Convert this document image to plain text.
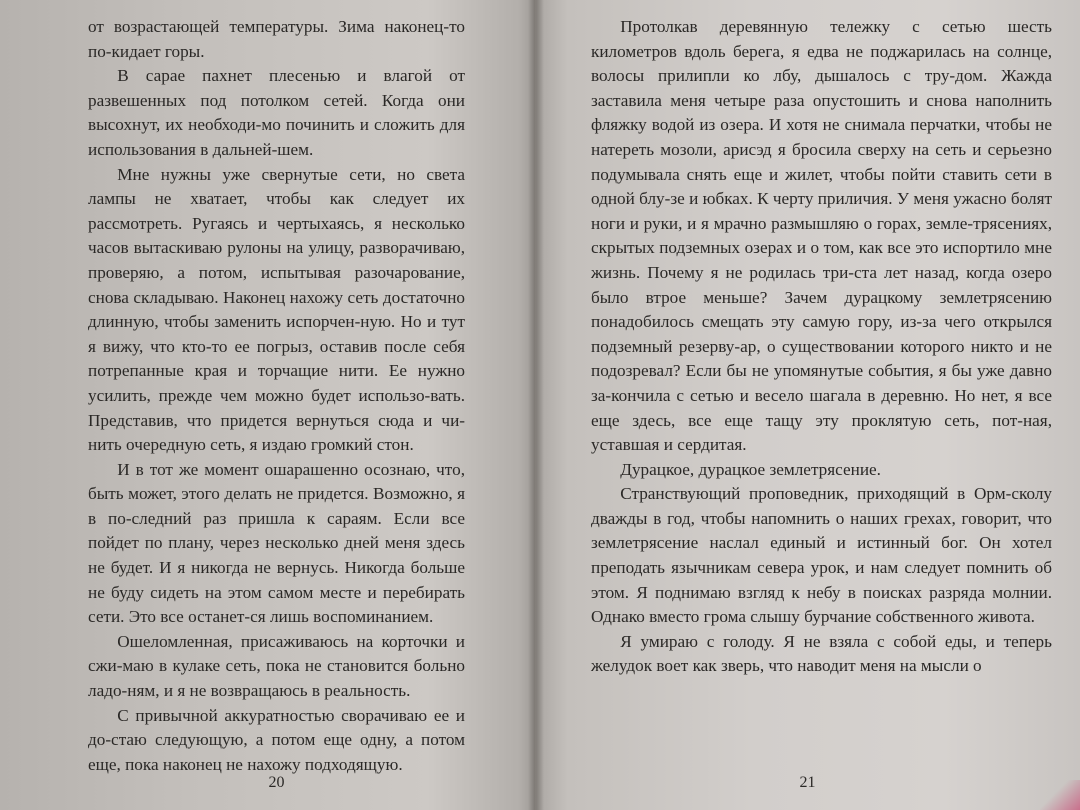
от возрастающей температуры. Зима наконец-то по-кидает горы.

В сарае пахнет плесенью и влагой от развешенных под потолком сетей. Когда они высохнут, их необходи-мо починить и сложить для использования в дальней-шем.

Мне нужны уже свернутые сети, но света лампы не хватает, чтобы как следует их рассмотреть. Ругаясь и чертыхаясь, я несколько часов вытаскиваю рулоны на улицу, разворачиваю, проверяю, а потом, испытывая разочарование, снова складываю. Наконец нахожу сеть достаточно длинную, чтобы заменить испорчен-ную. Но и тут я вижу, что кто-то ее погрыз, оставив после себя потрепанные края и торчащие нити. Ее нужно усилить, прежде чем можно будет использо-вать. Представив, что придется вернуться сюда и чи-нить очередную сеть, я издаю громкий стон.

И в тот же момент ошарашенно осознаю, что, быть может, этого делать не придется. Возможно, я в по-следний раз пришла к сараям. Если все пойдет по плану, через несколько дней меня здесь не будет. И я никогда не вернусь. Никогда больше не буду сидеть на этом самом месте и перебирать сети. Это все останет-ся лишь воспоминанием.

Ошеломленная, присаживаюсь на корточки и сжи-маю в кулаке сеть, пока не становится больно ладо-ням, и я не возвращаюсь в реальность.

С привычной аккуратностью сворачиваю ее и до-стаю следующую, а потом еще одну, а потом еще, пока наконец не нахожу подходящую.

20

Протолкав деревянную тележку с сетью шесть километров вдоль берега, я едва не поджарилась на солнце, волосы прилипли ко лбу, дышалось с тру-дом. Жажда заставила меня четыре раза опустошить и снова наполнить фляжку водой из озера. И хотя не снимала перчатки, чтобы не натереть мозоли, арисэд я бросила сверху на сеть и серьезно подумывала снять еще и жилет, чтобы пойти ставить сети в одной блу-зе и юбках. К черту приличия. У меня ужасно болят ноги и руки, и я мрачно размышляю о горах, земле-трясениях, скрытых подземных озерах и о том, как все это испортило мне жизнь. Почему я не родилась три-ста лет назад, когда озеро было втрое меньше? Зачем дурацкому землетрясению понадобилось смещать эту самую гору, из-за чего открылся подземный резерву-ар, о существовании которого никто и не подозревал? Если бы не упомянутые события, я бы уже давно за-кончила с сетью и весело шагала в деревню. Но нет, я все еще здесь, все еще тащу эту проклятую сеть, пот-ная, уставшая и сердитая.

Дурацкое, дурацкое землетрясение.

Странствующий проповедник, приходящий в Орм-сколу дважды в год, чтобы напомнить о наших грехах, говорит, что землетрясение наслал единый и истинный бог. Он хотел преподать язычникам севера урок, и нам следует помнить об этом. Я поднимаю взгляд к небу в поисках разряда молнии. Однако вместо грома слышу бурчание собственного живота.

Я умираю с голоду. Я не взяла с собой еды, и теперь желудок воет как зверь, что наводит меня на мысли о

21
